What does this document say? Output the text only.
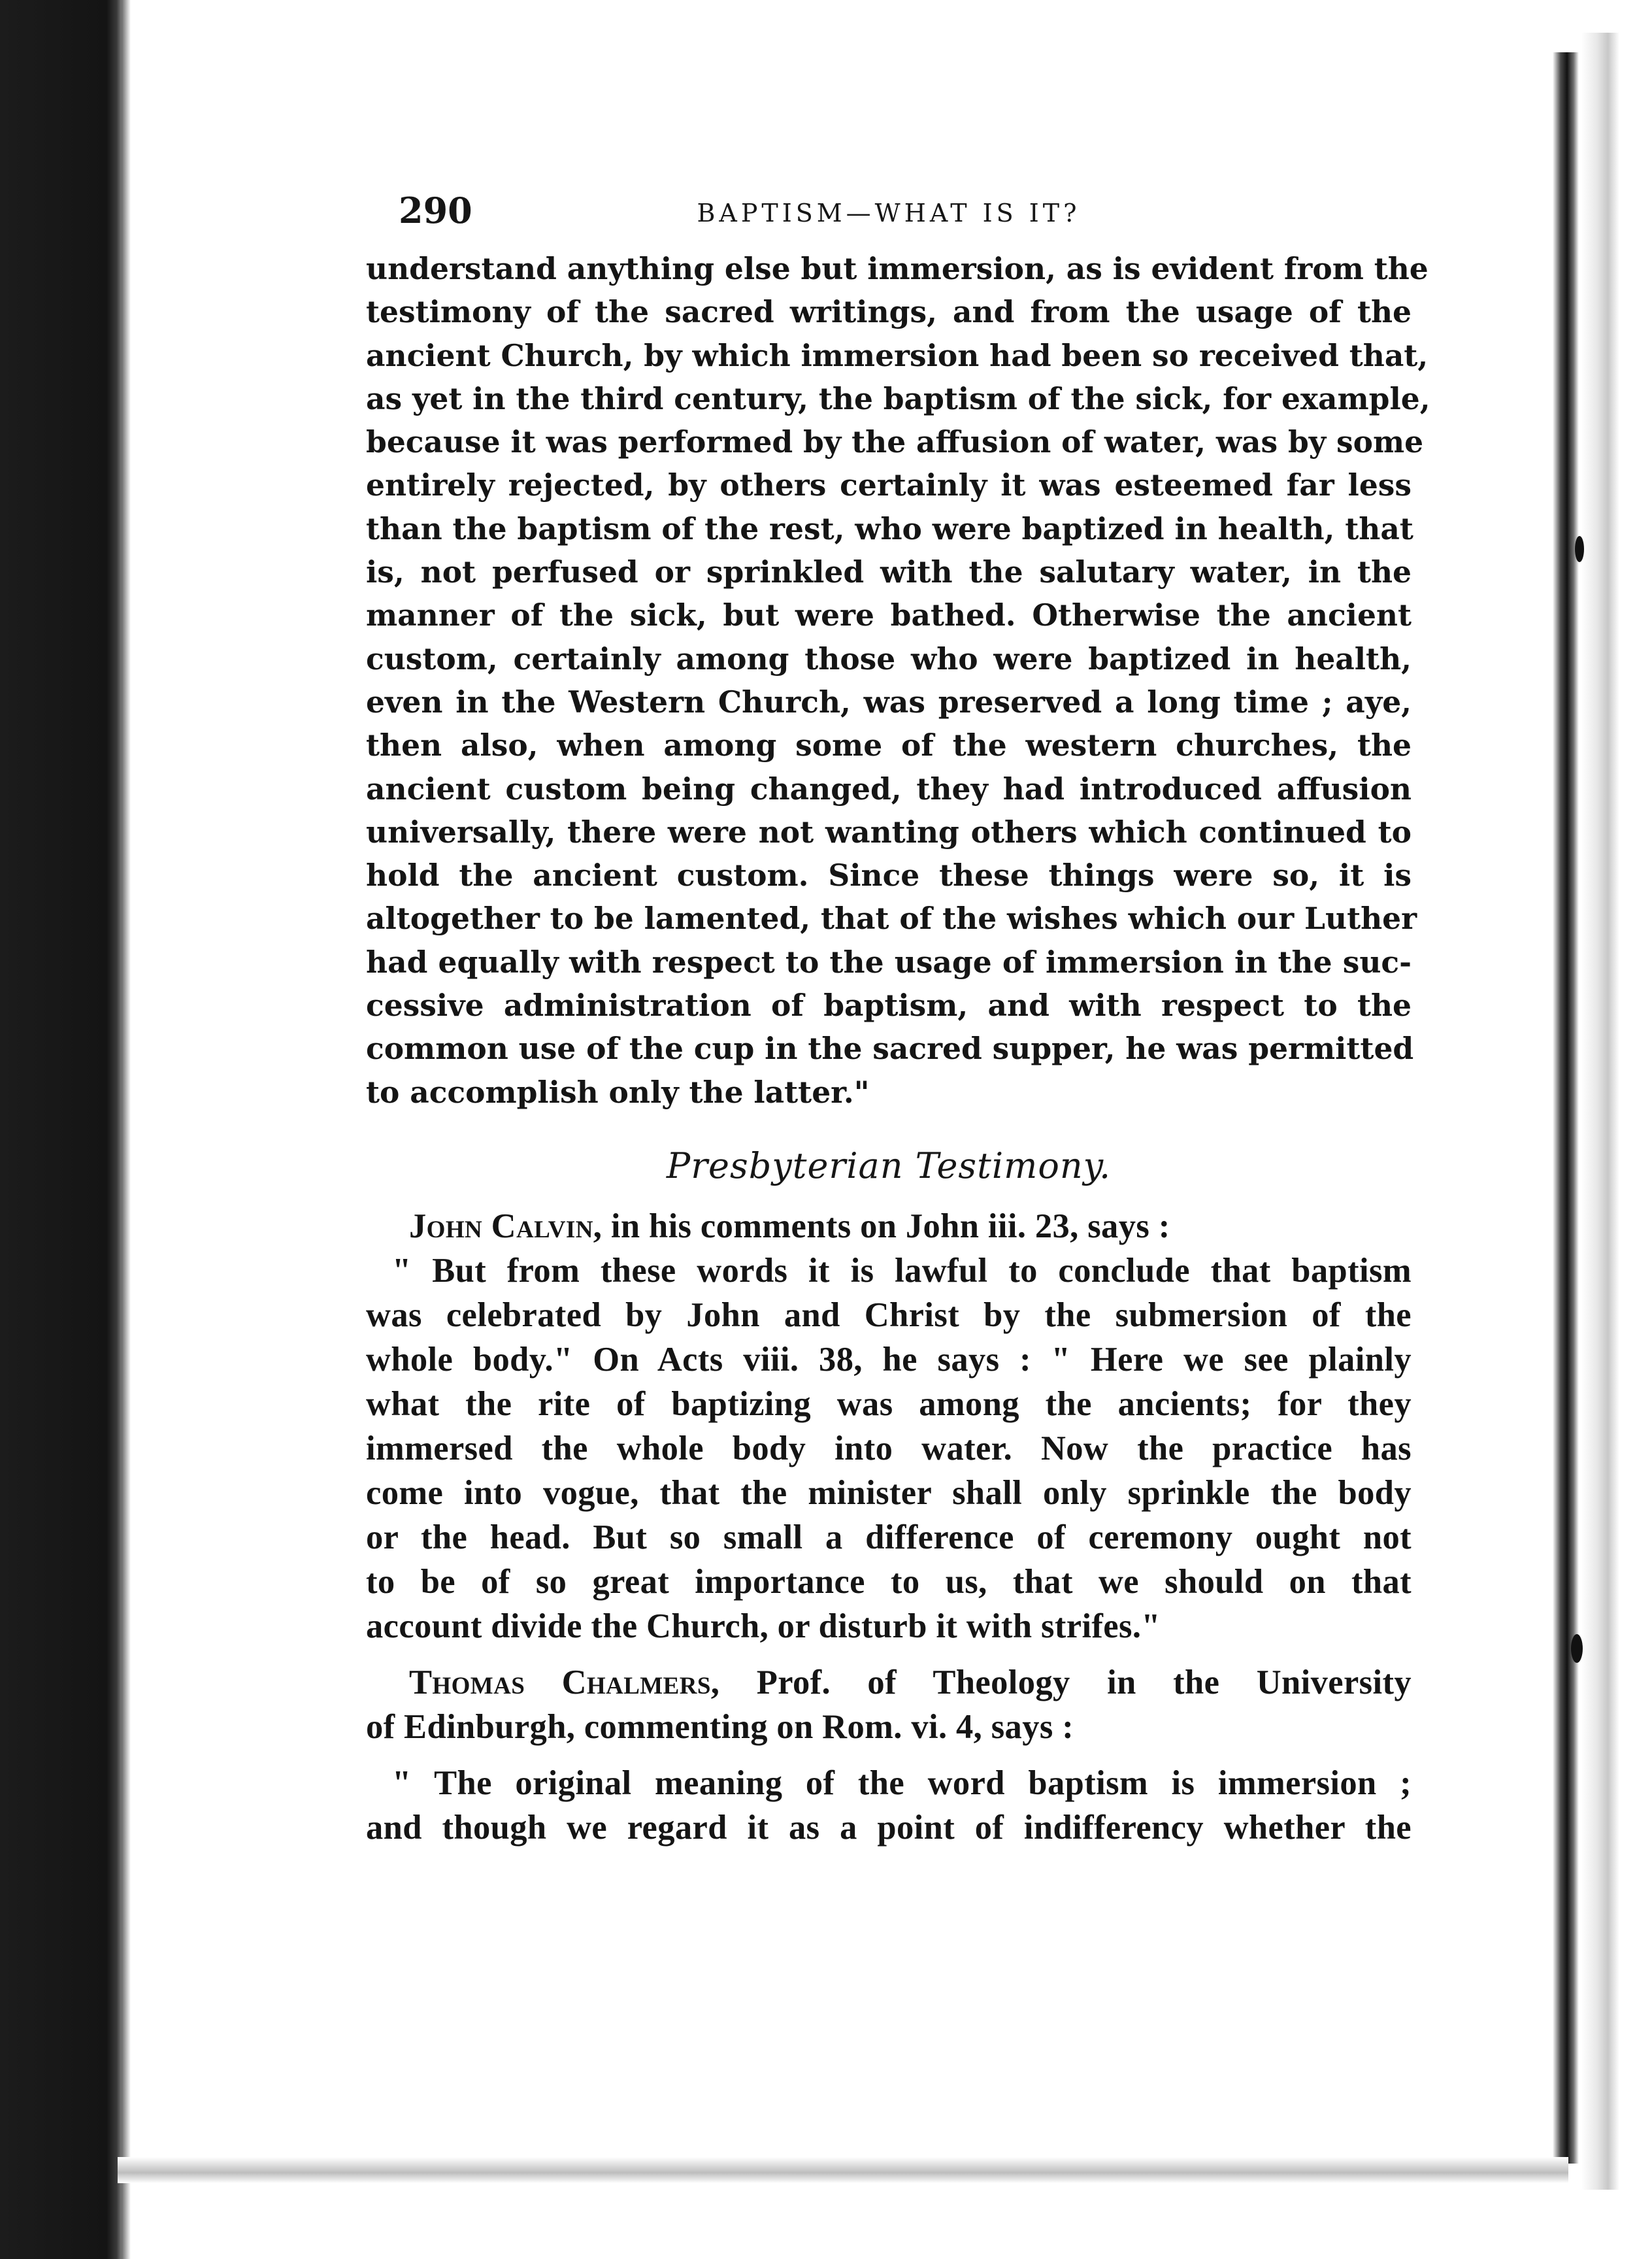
290	BAPTISM—WHAT IS IT?
understand anything else but immersion, as is evident from the
testimony of the sacred writings, and from the usage of the
ancient Church, by which immersion had been so received that,
as yet in the third century, the baptism of the sick, for example,
because it was performed by the affusion of water, was by some
entirely rejected, by others certainly it was esteemed far less
than the baptism of the rest, who were baptized in health, that
is, not perfused or sprinkled with the salutary water, in the
manner of the sick, but were bathed. Otherwise the ancient
custom, certainly among those who were baptized in health,
even in the Western Church, was preserved a long time ; aye,
then also, when among some of the western churches, the
ancient custom being changed, they had introduced affusion
universally, there were not wanting others which continued to
hold the ancient custom. Since these things were so, it is
altogether to be lamented, that of the wishes which our Luther
had equally with respect to the usage of immersion in the suc-
cessive administration of baptism, and with respect to the
common use of the cup in the sacred supper, he was permitted
to accomplish only the latter."
Presbyterian Testimony.
John Calvin, in his comments on John iii. 23, says :
" But from these words it is lawful to conclude that baptism
was celebrated by John and Christ by the submersion of the
whole body." On Acts viii. 38, he says : " Here we see plainly
what the rite of baptizing was among the ancients; for they
immersed the whole body into water. Now the practice has
come into vogue, that the minister shall only sprinkle the body
or the head. But so small a difference of ceremony ought not
to be of so great importance to us, that we should on that
account divide the Church, or disturb it with strifes."
Thomas Chalmers, Prof. of Theology in the University
of Edinburgh, commenting on Rom. vi. 4, says :
" The original meaning of the word baptism is immersion ;
and though we regard it as a point of indifferency whether the
